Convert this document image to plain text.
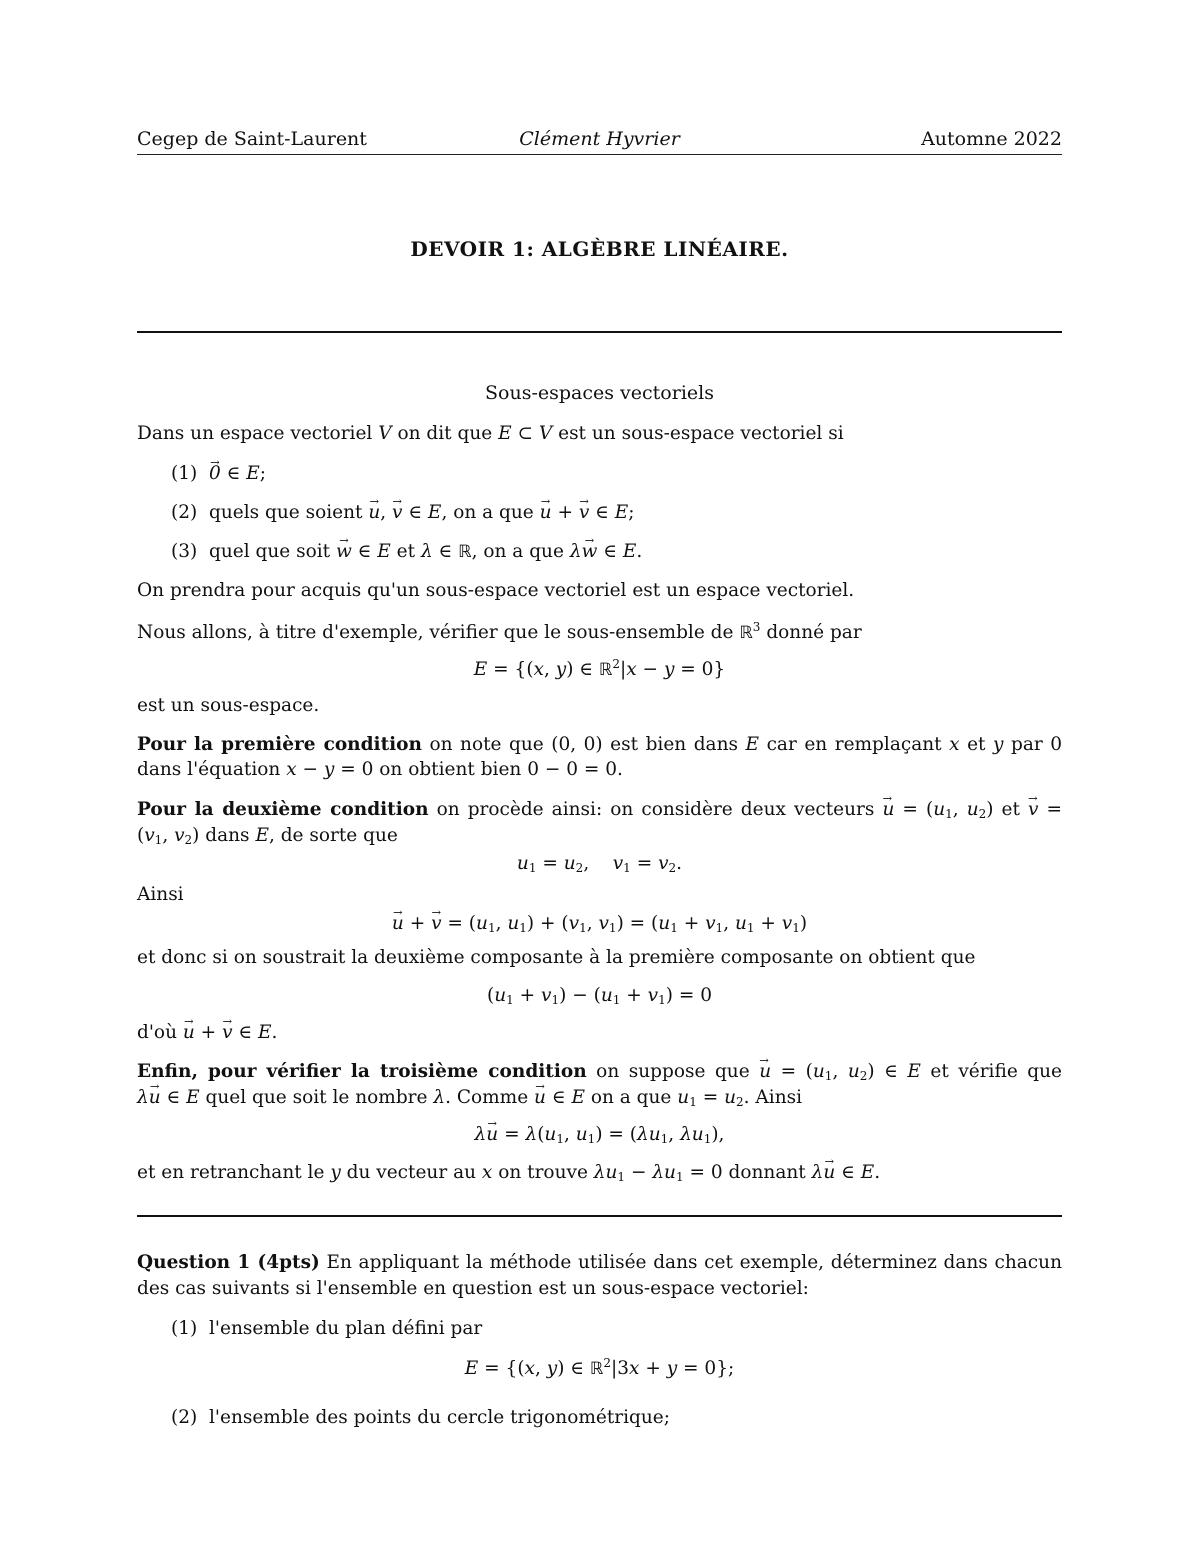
Cegep de Saint-Laurent	Clément Hyvrier	Automne 2022
DEVOIR 1: ALGÈBRE LINÉAIRE.
Sous-espaces vectoriels
Dans un espace vectoriel V on dit que E ⊂ V est un sous-espace vectoriel si
(1) 0 → ∈ E;
(2) quels que soient u →, v → ∈ E, on a que u → + v → ∈ E;
(3) quel que soit w → ∈ E et λ ∈ ℝ, on a que λw → ∈ E.
On prendra pour acquis qu'un sous-espace vectoriel est un espace vectoriel.
Nous allons, à titre d'exemple, vérifier que le sous-ensemble de ℝ$^3$ donné par
E = {(x, y) ∈ ℝ$^2$|x − y = 0}
est un sous-espace.
Pour la première condition on note que (0, 0) est bien dans E car en remplaçant x et y par 0
dans l'équation x − y = 0 on obtient bien 0 − 0 = 0.
Pour la deuxième condition on procède ainsi: on considère deux vecteurs u → = ($u_1$, $u_2$) et v → =
($v_1$, $v_2$) dans E, de sorte que
$u_1 = u_2$,    $v_1 = v_2$.
Ainsi
u → + v → = ($u_1$, $u_1) + (v_1$, $v_1) = (u_1 + v_1$, $u_1 + v_1$)
et donc si on soustrait la deuxième composante à la première composante on obtient que
$(u_1 + v_1) - (u_1 + v_1) = 0$
d'où u → + v → ∈ E.
Enfin, pour vérifier la troisième condition on suppose que u → = ($u_1$, $u_2$) ∈ E et vérifie que
λu → ∈ E quel que soit le nombre λ. Comme u → ∈ E on a que $u_1 = u_2$. Ainsi
λu → = $\lambda(u_1$, $u_1) = (\lambda u_1$, $\lambda u_1$),
et en retranchant le y du vecteur au x on trouve $\lambda u_1 - \lambda u_1 = 0$ donnant λu → ∈ E.
Question 1 (4pts) En appliquant la méthode utilisée dans cet exemple, déterminez dans chacun
des cas suivants si l'ensemble en question est un sous-espace vectoriel:
(1) l'ensemble du plan défini par
E = {(x, y) ∈ ℝ$^2$|3x + y = 0};
(2) l'ensemble des points du cercle trigonométrique;
